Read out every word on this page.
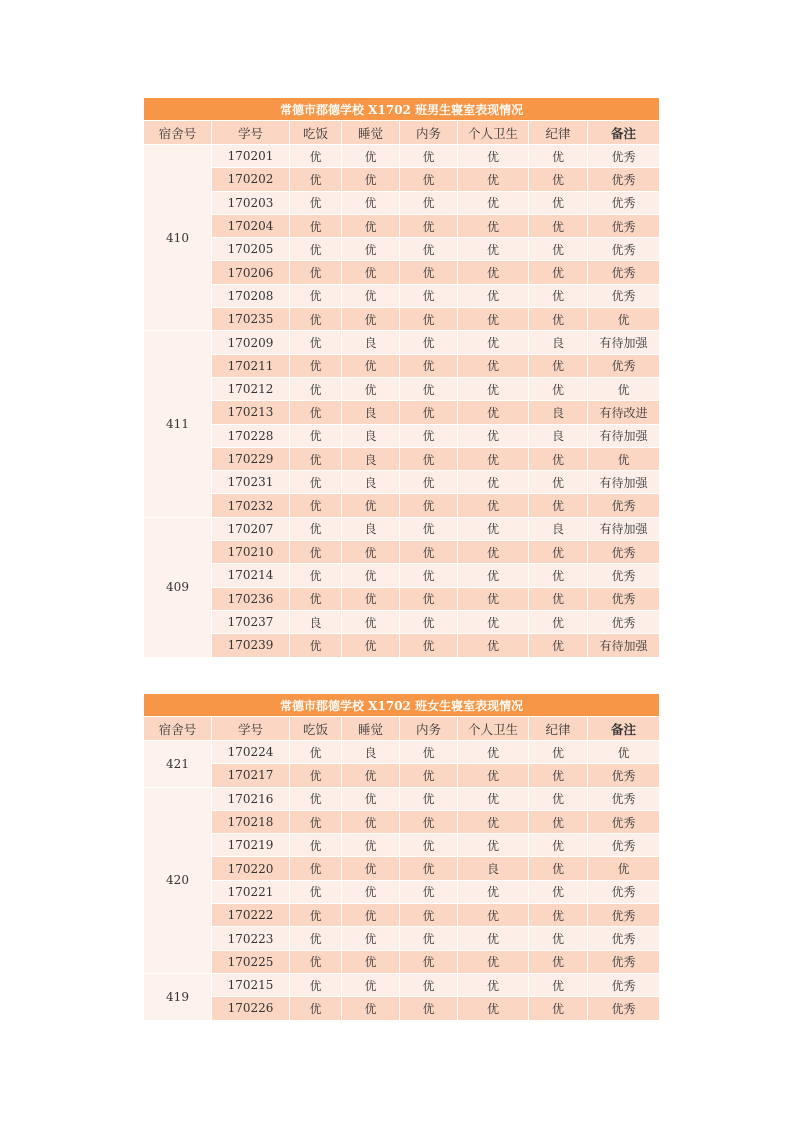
常德市郡德学校 X1702 班男生寝室表现情况							
宿舍号	学号	吃饭	睡觉	内务	个人卫生	纪律	备注
410	170201	优	优	优	优	优	优秀
	170202	优	优	优	优	优	优秀
	170203	优	优	优	优	优	优秀
	170204	优	优	优	优	优	优秀
	170205	优	优	优	优	优	优秀
	170206	优	优	优	优	优	优秀
	170208	优	优	优	优	优	优秀
	170235	优	优	优	优	优	优
411	170209	优	良	优	优	良	有待加强
	170211	优	优	优	优	优	优秀
	170212	优	优	优	优	优	优
	170213	优	良	优	优	良	有待改进
	170228	优	良	优	优	良	有待加强
	170229	优	良	优	优	优	优
	170231	优	良	优	优	优	有待加强
	170232	优	优	优	优	优	优秀
409	170207	优	良	优	优	良	有待加强
	170210	优	优	优	优	优	优秀
	170214	优	优	优	优	优	优秀
	170236	优	优	优	优	优	优秀
	170237	良	优	优	优	优	优秀
	170239	优	优	优	优	优	有待加强
常德市郡德学校 X1702 班女生寝室表现情况							
宿舍号	学号	吃饭	睡觉	内务	个人卫生	纪律	备注
421	170224	优	良	优	优	优	优
	170217	优	优	优	优	优	优秀
420	170216	优	优	优	优	优	优秀
	170218	优	优	优	优	优	优秀
	170219	优	优	优	优	优	优秀
	170220	优	优	优	良	优	优
	170221	优	优	优	优	优	优秀
	170222	优	优	优	优	优	优秀
	170223	优	优	优	优	优	优秀
	170225	优	优	优	优	优	优秀
419	170215	优	优	优	优	优	优秀
	170226	优	优	优	优	优	优秀
